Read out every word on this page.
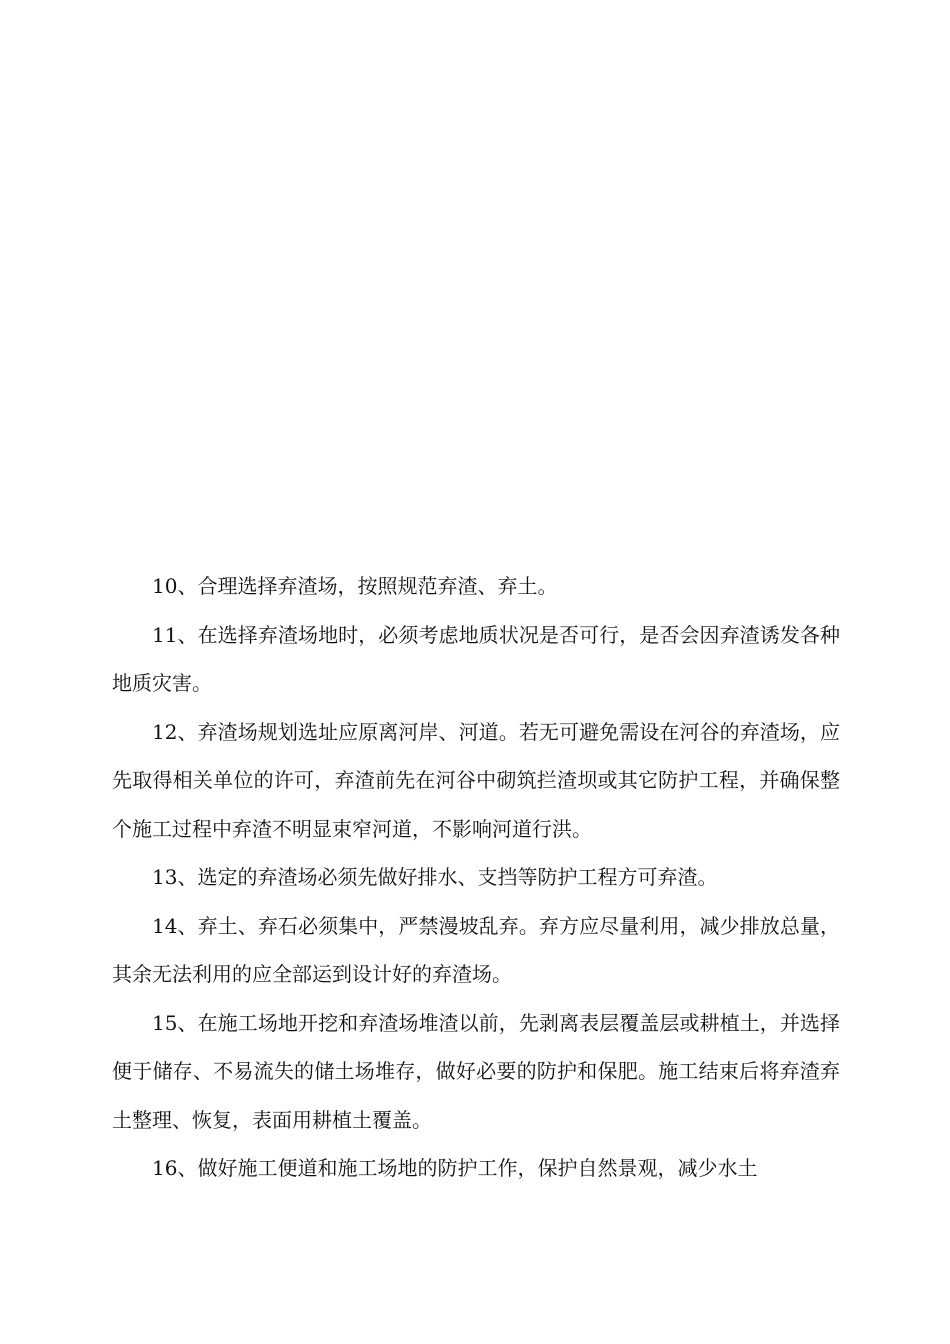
10、合理选择弃渣场，按照规范弃渣、弃土。

11、在选择弃渣场地时，必须考虑地质状况是否可行，是否会因弃渣诱发各种地质灾害。

12、弃渣场规划选址应原离河岸、河道。若无可避免需设在河谷的弃渣场，应先取得相关单位的许可，弃渣前先在河谷中砌筑拦渣坝或其它防护工程，并确保整个施工过程中弃渣不明显束窄河道，不影响河道行洪。

13、选定的弃渣场必须先做好排水、支挡等防护工程方可弃渣。

14、弃土、弃石必须集中，严禁漫坡乱弃。弃方应尽量利用，减少排放总量，其余无法利用的应全部运到设计好的弃渣场。

15、在施工场地开挖和弃渣场堆渣以前，先剥离表层覆盖层或耕植土，并选择便于储存、不易流失的储土场堆存，做好必要的防护和保肥。施工结束后将弃渣弃土整理、恢复，表面用耕植土覆盖。

16、做好施工便道和施工场地的防护工作，保护自然景观，减少水土
